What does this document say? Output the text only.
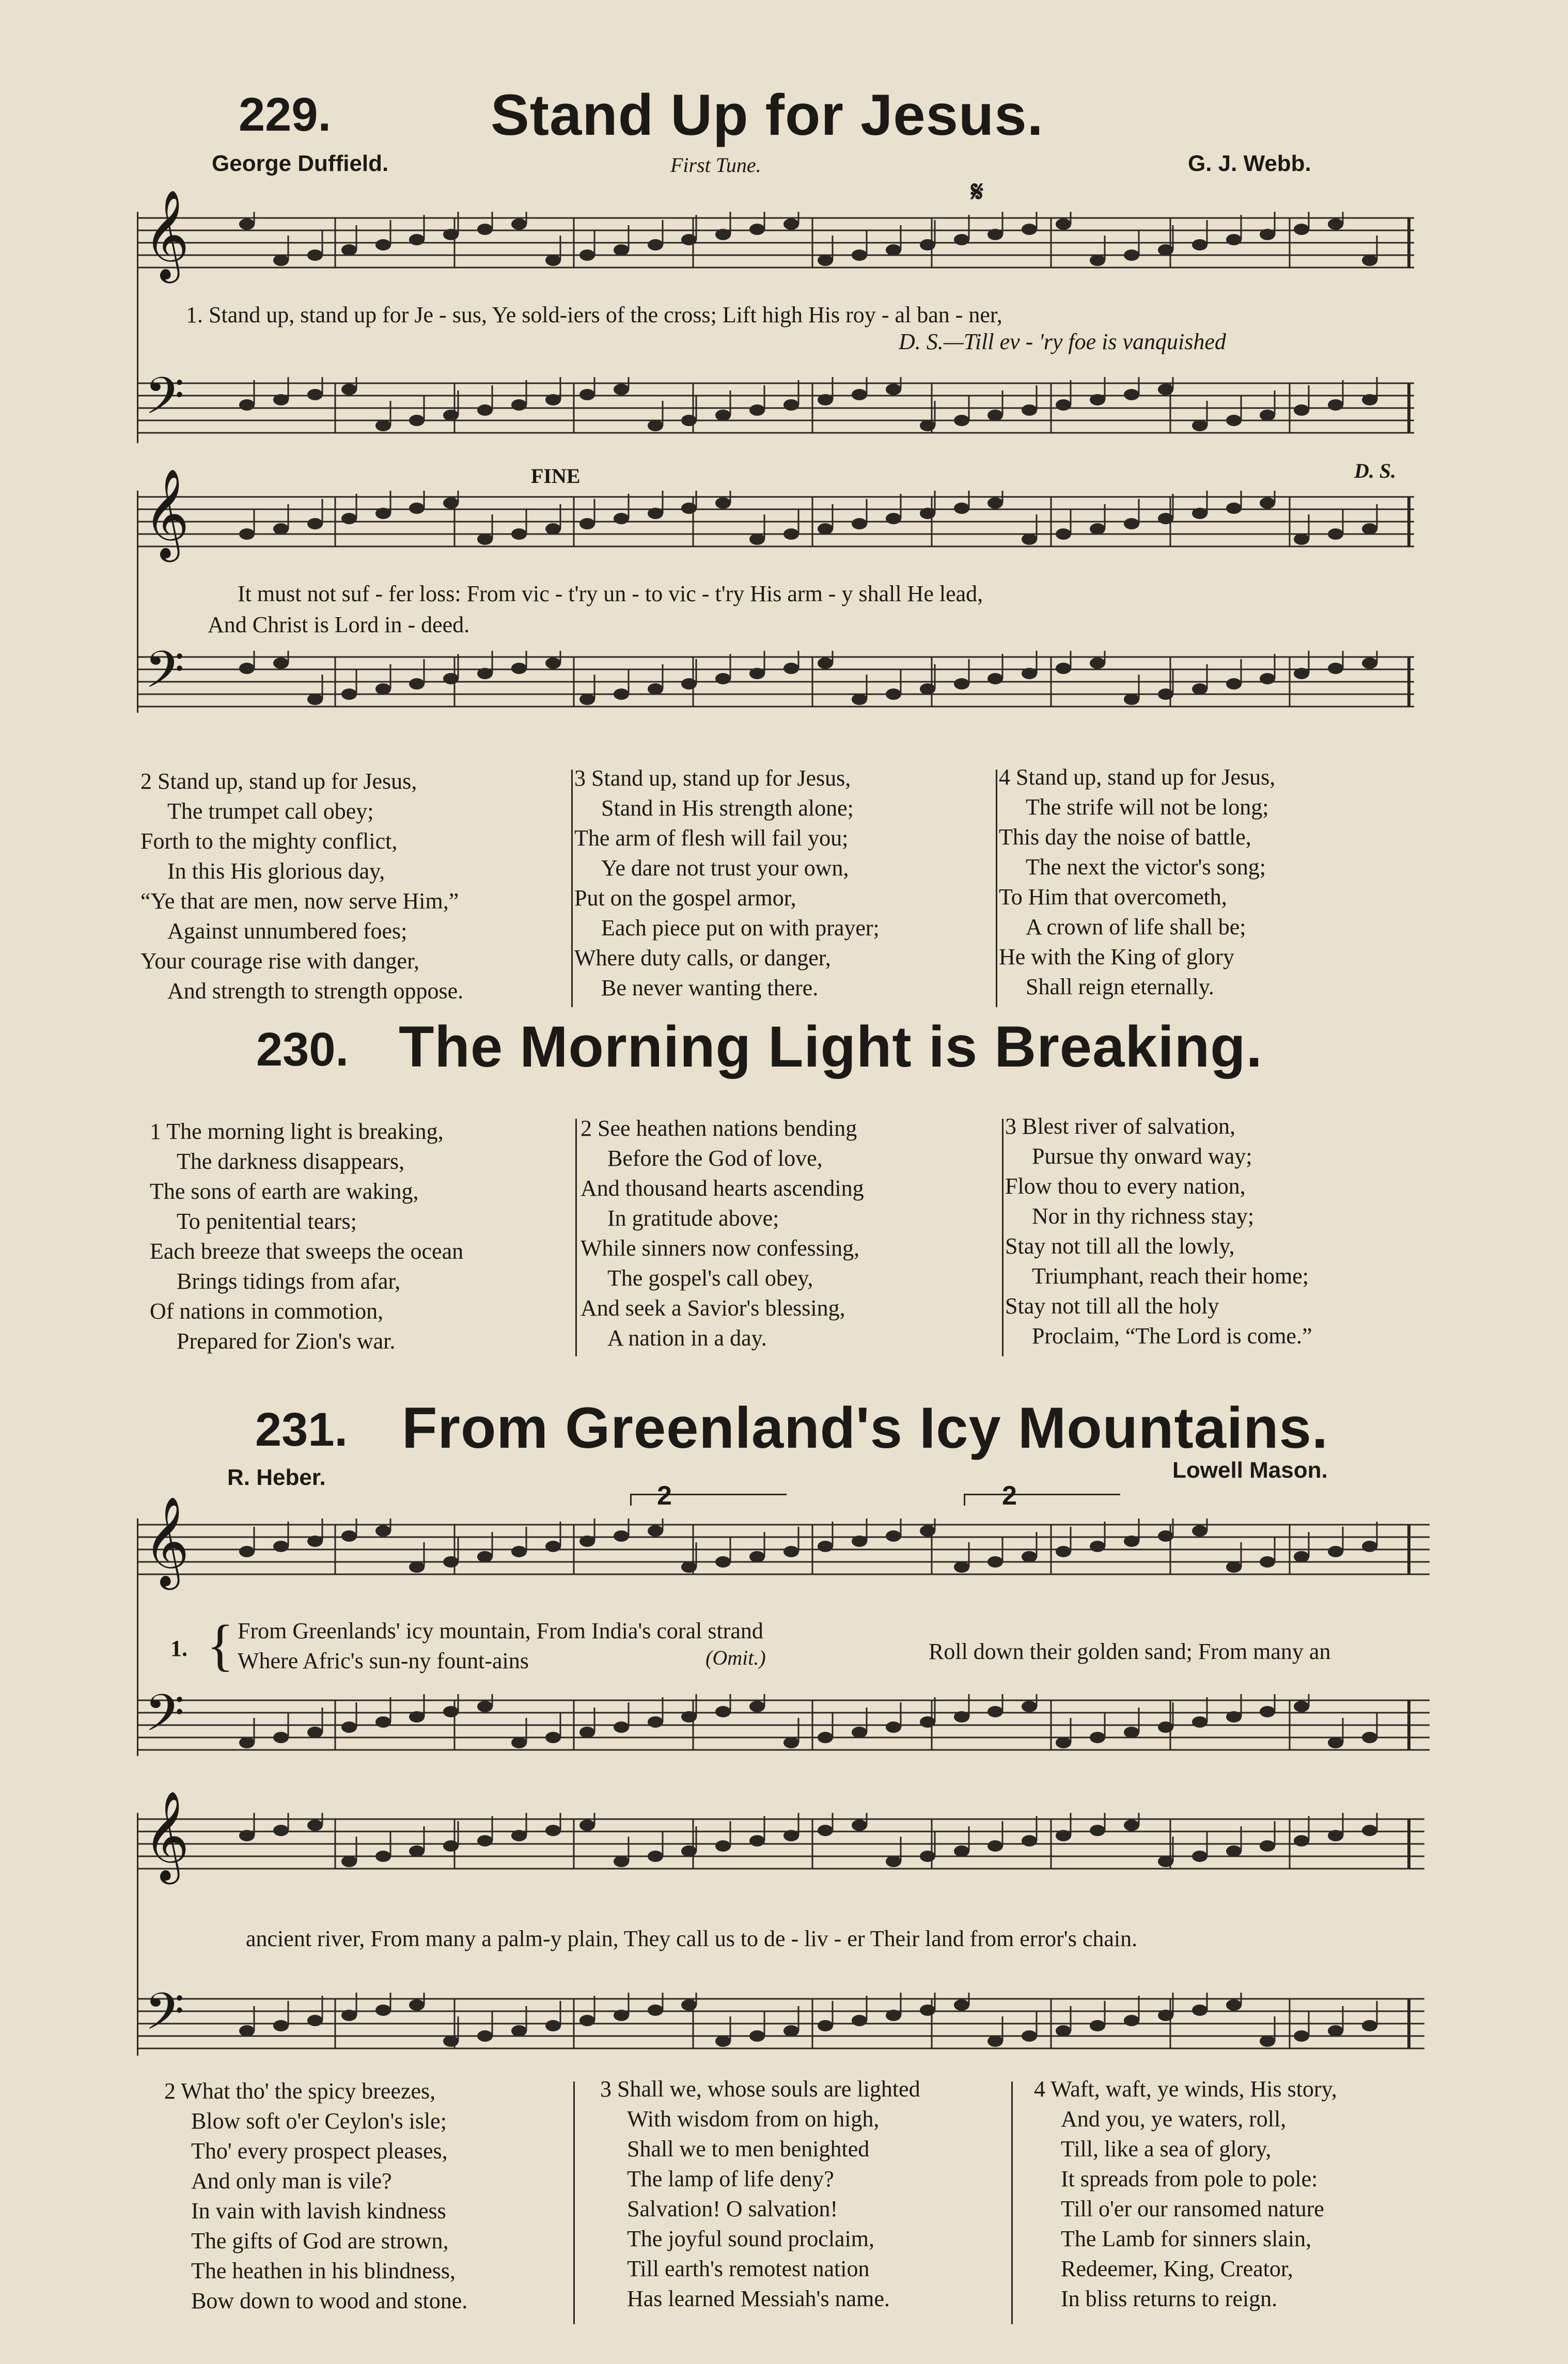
229.	Stand Up for Jesus.
George Duffield.	First Tune.	G. J. Webb.
𝄋
𝄞
1. Stand up, stand up for Je - sus, Ye sold-iers of the cross; Lift high His roy - al ban - ner,
D. S.—Till ev - 'ry foe is vanquished
𝄢
FINE	D. S.
𝄞
It must not suf - fer loss: From vic - t'ry un - to vic - t'ry His arm - y shall He lead,
And Christ is Lord in - deed.
𝄢
2 Stand up, stand up for Jesus,
The trumpet call obey;
Forth to the mighty conflict,
In this His glorious day,
“Ye that are men, now serve Him,”
Against unnumbered foes;
Your courage rise with danger,
And strength to strength oppose.
3 Stand up, stand up for Jesus,
Stand in His strength alone;
The arm of flesh will fail you;
Ye dare not trust your own,
Put on the gospel armor,
Each piece put on with prayer;
Where duty calls, or danger,
Be never wanting there.
4 Stand up, stand up for Jesus,
The strife will not be long;
This day the noise of battle,
The next the victor's song;
To Him that overcometh,
A crown of life shall be;
He with the King of glory
Shall reign eternally.
230. The Morning Light is Breaking.
1 The morning light is breaking,
The darkness disappears,
The sons of earth are waking,
To penitential tears;
Each breeze that sweeps the ocean
Brings tidings from afar,
Of nations in commotion,
Prepared for Zion's war.
2 See heathen nations bending
Before the God of love,
And thousand hearts ascending
In gratitude above;
While sinners now confessing,
The gospel's call obey,
And seek a Savior's blessing,
A nation in a day.
3 Blest river of salvation,
Pursue thy onward way;
Flow thou to every nation,
Nor in thy richness stay;
Stay not till all the lowly,
Triumphant, reach their home;
Stay not till all the holy
Proclaim, “The Lord is come.”
231. From Greenland's Icy Mountains.
R. Heber.	Lowell Mason.
2	2
𝄞
1. { From Greenlands' icy mountain, From India's coral strand
Where Afric's sun-ny fount-ains	(Omit.)	Roll down their golden sand; From many an
𝄢
𝄞
ancient river, From many a palm-y plain, They call us to de - liv - er Their land from error's chain.
𝄢
2 What tho' the spicy breezes,
Blow soft o'er Ceylon's isle;
Tho' every prospect pleases,
And only man is vile?
In vain with lavish kindness
The gifts of God are strown,
The heathen in his blindness,
Bow down to wood and stone.
3 Shall we, whose souls are lighted
With wisdom from on high,
Shall we to men benighted
The lamp of life deny?
Salvation! O salvation!
The joyful sound proclaim,
Till earth's remotest nation
Has learned Messiah's name.
4 Waft, waft, ye winds, His story,
And you, ye waters, roll,
Till, like a sea of glory,
It spreads from pole to pole:
Till o'er our ransomed nature
The Lamb for sinners slain,
Redeemer, King, Creator,
In bliss returns to reign.
